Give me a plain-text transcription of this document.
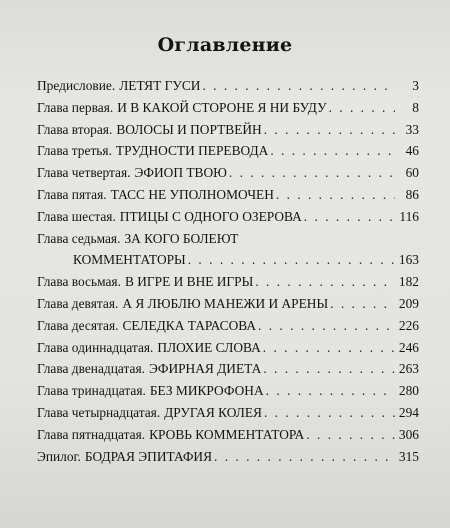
Оглавление
Предисловие. ЛЕТЯТ ГУСИ . . .	3
Глава первая. И В КАКОЙ СТОРОНЕ Я НИ БУДУ . . .	8
Глава вторая. ВОЛОСЫ И ПОРТВЕЙН . . .	33
Глава третья. ТРУДНОСТИ ПЕРЕВОДА . . .	46
Глава четвертая. ЭФИОП ТВОЮ . . .	60
Глава пятая. ТАСС НЕ УПОЛНОМОЧЕН . . .	86
Глава шестая. ПТИЦЫ С ОДНОГО ОЗЕРОВА . . .	116
Глава седьмая. ЗА КОГО БОЛЕЮТ
КОММЕНТАТОРЫ . . .	163
Глава восьмая. В ИГРЕ И ВНЕ ИГРЫ . . .	182
Глава девятая. А Я ЛЮБЛЮ МАНЕЖИ И АРЕНЫ . . .	209
Глава десятая. СЕЛЕДКА ТАРАСОВА . . .	226
Глава одиннадцатая. ПЛОХИЕ СЛОВА . . .	246
Глава двенадцатая. ЭФИРНАЯ ДИЕТА . . .	263
Глава тринадцатая. БЕЗ МИКРОФОНА . . .	280
Глава четырнадцатая. ДРУГАЯ КОЛЕЯ . . .	294
Глава пятнадцатая. КРОВЬ КОММЕНТАТОРА . . .	306
Эпилог. БОДРАЯ ЭПИТАФИЯ . . .	315
